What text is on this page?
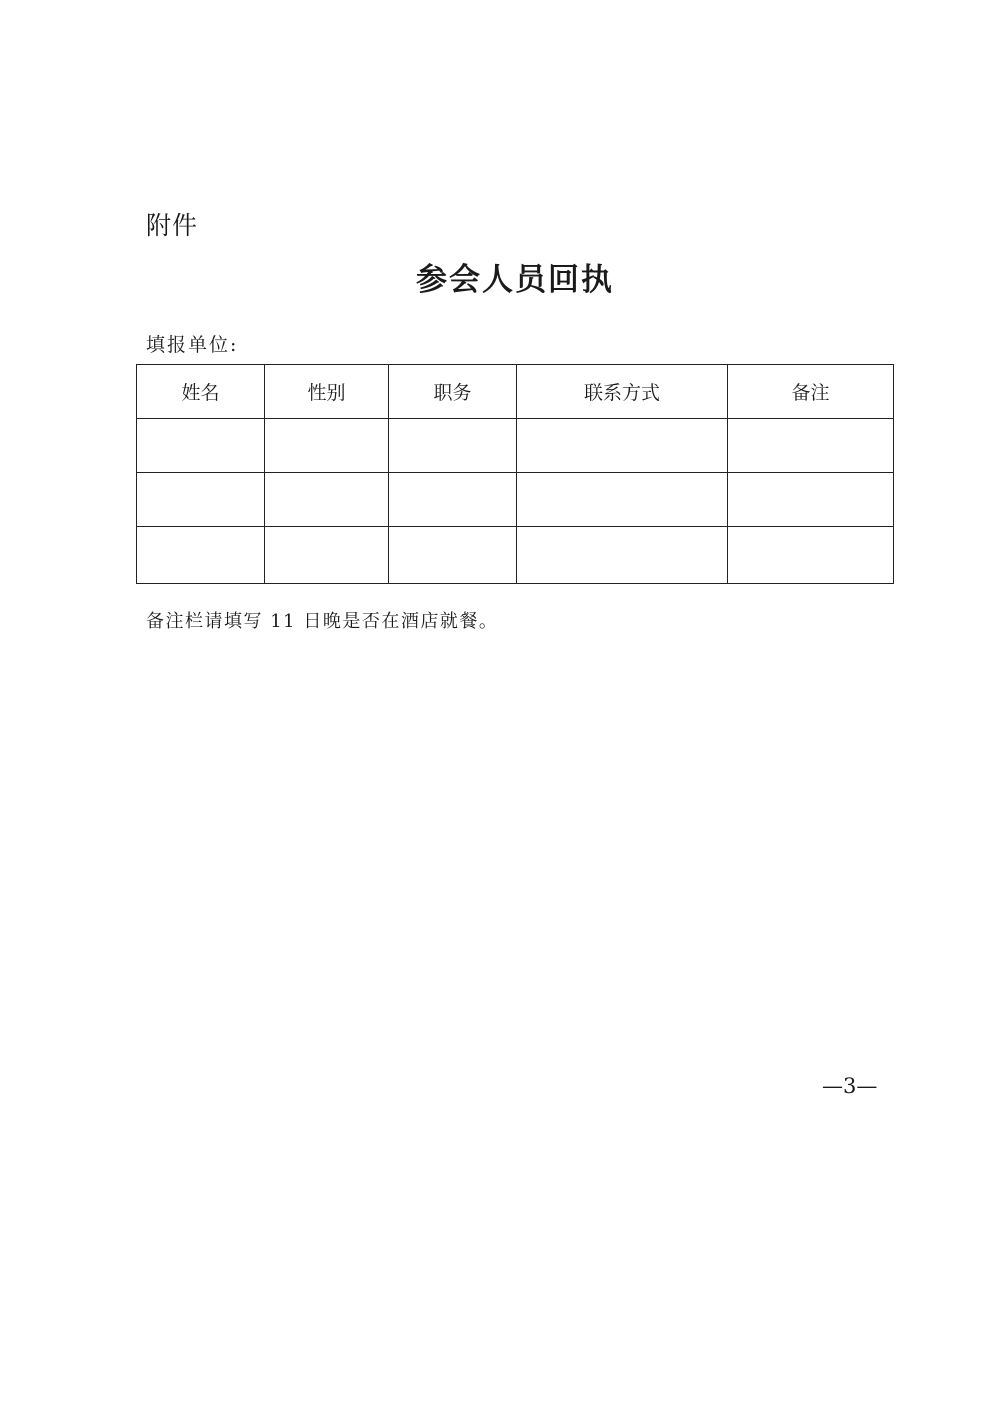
附件
参会人员回执
填报单位:
姓名	性别	职务	联系方式	备注

备注栏请填写 11 日晚是否在酒店就餐。
—3—
